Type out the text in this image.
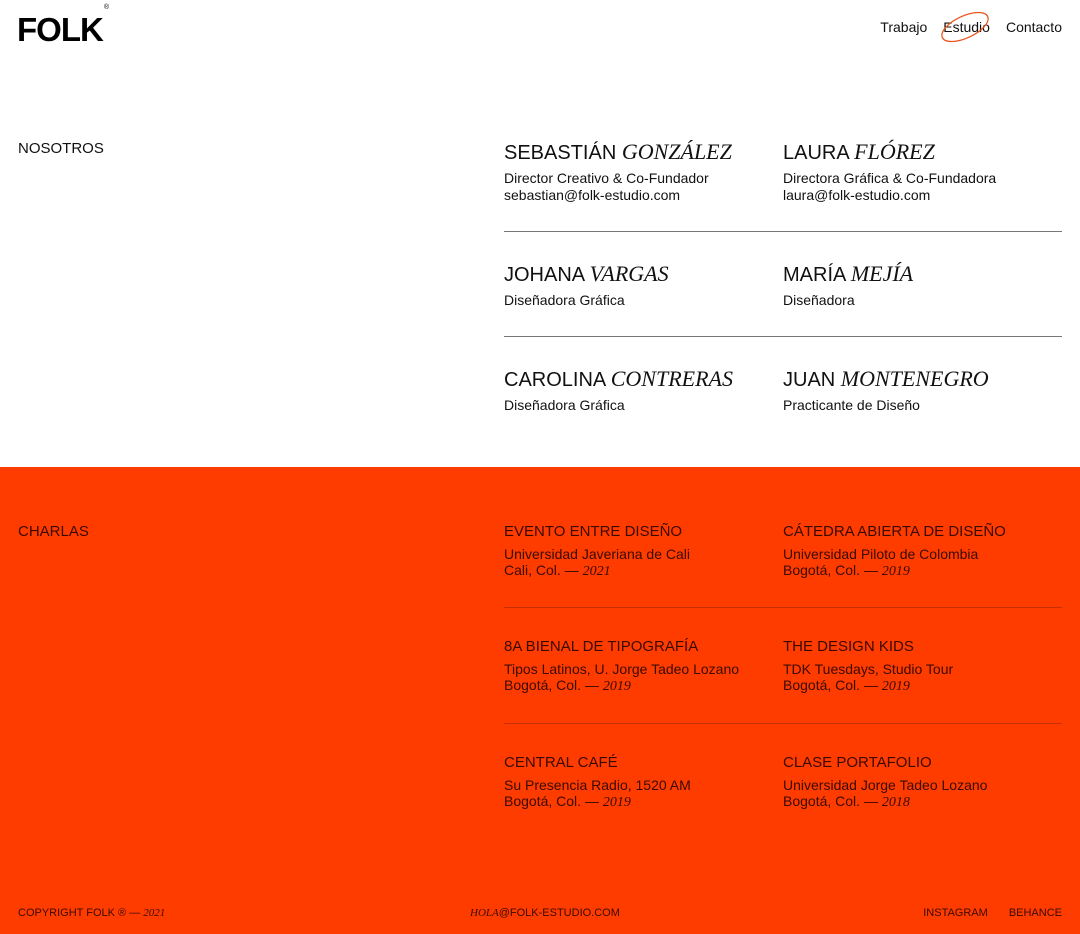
FOLK®
Trabajo Estudio Contacto
NOSOTROS	SEBASTIÁN GONZÁLEZ
Director Creativo & Co-Fundador
sebastian@folk-estudio.com
LAURA FLÓREZ
Directora Gráfica & Co-Fundadora
laura@folk-estudio.com
JOHANA VARGAS
Diseñadora Gráfica
MARÍA MEJÍA
Diseñadora
CAROLINA CONTRERAS
Diseñadora Gráfica
JUAN MONTENEGRO
Practicante de Diseño
CHARLAS	EVENTO ENTRE DISEÑO
Universidad Javeriana de Cali
Cali, Col. — 2021
CÁTEDRA ABIERTA DE DISEÑO
Universidad Piloto de Colombia
Bogotá, Col. — 2019
8A BIENAL DE TIPOGRAFÍA
Tipos Latinos, U. Jorge Tadeo Lozano
Bogotá, Col. — 2019
THE DESIGN KIDS
TDK Tuesdays, Studio Tour
Bogotá, Col. — 2019
CENTRAL CAFÉ
Su Presencia Radio, 1520 AM
Bogotá, Col. — 2019
CLASE PORTAFOLIO
Universidad Jorge Tadeo Lozano
Bogotá, Col. — 2018
COPYRIGHT FOLK ® — 2021	HOLA@FOLK-ESTUDIO.COM	INSTAGRAM BEHANCE
